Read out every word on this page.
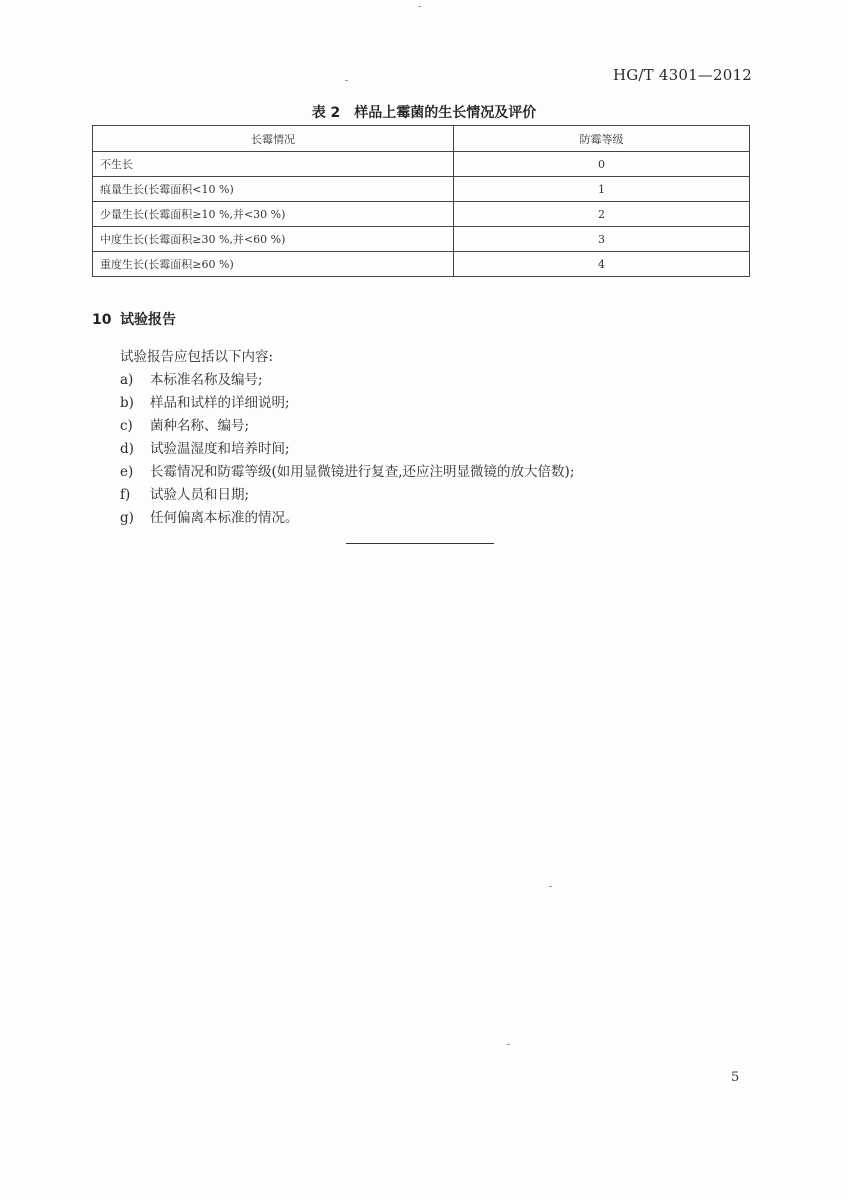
HG/T 4301—2012
表 2　样品上霉菌的生长情况及评价
长霉情况	防霉等级
不生长	0
痕量生长(长霉面积<10 %)	1
少量生长(长霉面积≥10 %,并<30 %)	2
中度生长(长霉面积≥30 %,并<60 %)	3
重度生长(长霉面积≥60 %)	4
10 试验报告
试验报告应包括以下内容:
a) 本标准名称及编号;
b) 样品和试样的详细说明;
c) 菌种名称、编号;
d) 试验温湿度和培养时间;
e) 长霉情况和防霉等级(如用显微镜进行复查,还应注明显微镜的放大倍数);
f) 试验人员和日期;
g) 任何偏离本标准的情况。
5
